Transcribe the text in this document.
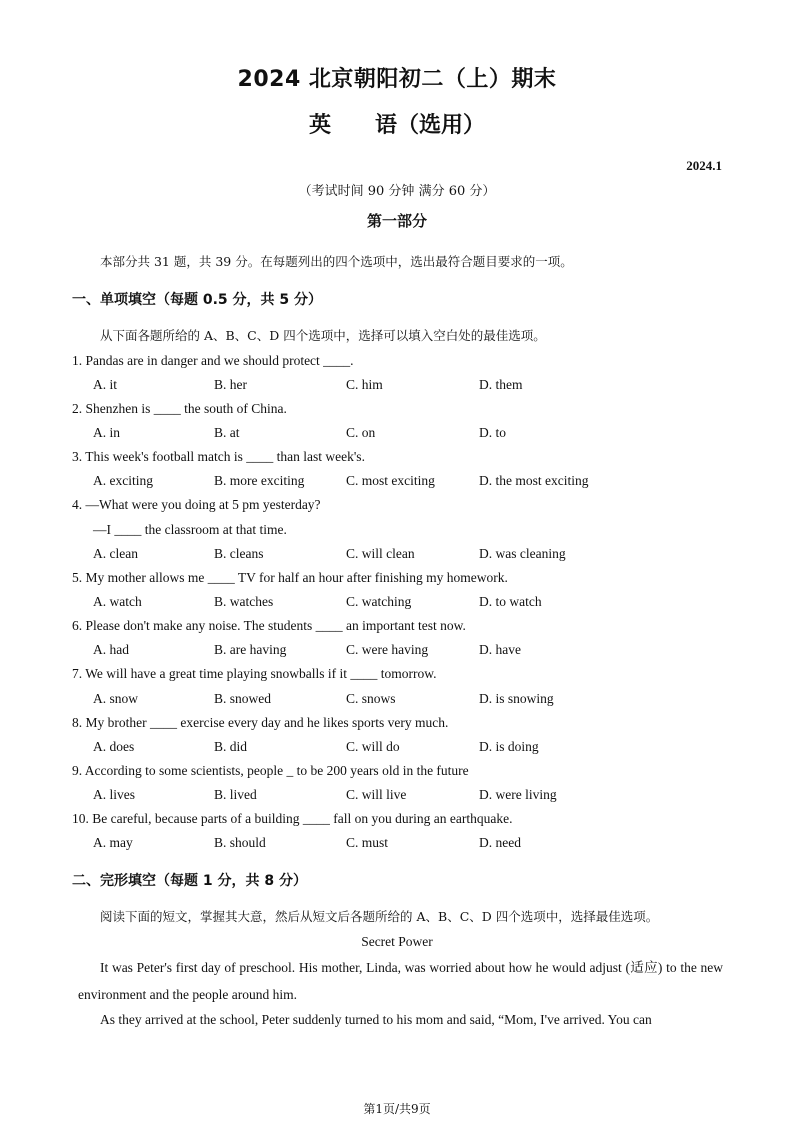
2024 北京朝阳初二（上）期末
英　　语（选用）
2024.1
（考试时间 90 分钟 满分 60 分）
第一部分
本部分共 31 题，共 39 分。在每题列出的四个选项中，选出最符合题目要求的一项。
一、单项填空（每题 0.5 分，共 5 分）
从下面各题所给的 A、B、C、D 四个选项中，选择可以填入空白处的最佳选项。
1. Pandas are in danger and we should protect ____.
A. it	B. her	C. him	D. them
2. Shenzhen is ____ the south of China.
A. in	B. at	C. on	D. to
3. This week's football match is ____ than last week's.
A. exciting	B. more exciting	C. most exciting	D. the most exciting
4. —What were you doing at 5 pm yesterday?
—I ____ the classroom at that time.
A. clean	B. cleans	C. will clean	D. was cleaning
5. My mother allows me ____ TV for half an hour after finishing my homework.
A. watch	B. watches	C. watching	D. to watch
6. Please don't make any noise. The students ____ an important test now.
A. had	B. are having	C. were having	D. have
7. We will have a great time playing snowballs if it ____ tomorrow.
A. snow	B. snowed	C. snows	D. is snowing
8. My brother ____ exercise every day and he likes sports very much.
A. does	B. did	C. will do	D. is doing
9. According to some scientists, people _ to be 200 years old in the future
A. lives	B. lived	C. will live	D. were living
10. Be careful, because parts of a building ____ fall on you during an earthquake.
A. may	B. should	C. must	D. need
二、完形填空（每题 1 分，共 8 分）
阅读下面的短文，掌握其大意，然后从短文后各题所给的 A、B、C、D 四个选项中，选择最佳选项。
Secret Power
It was Peter's first day of preschool. His mother, Linda, was worried about how he would adjust (适应) to the new environment and the people around him.
As they arrived at the school, Peter suddenly turned to his mom and said, “Mom, I've arrived. You can
第1页/共9页
